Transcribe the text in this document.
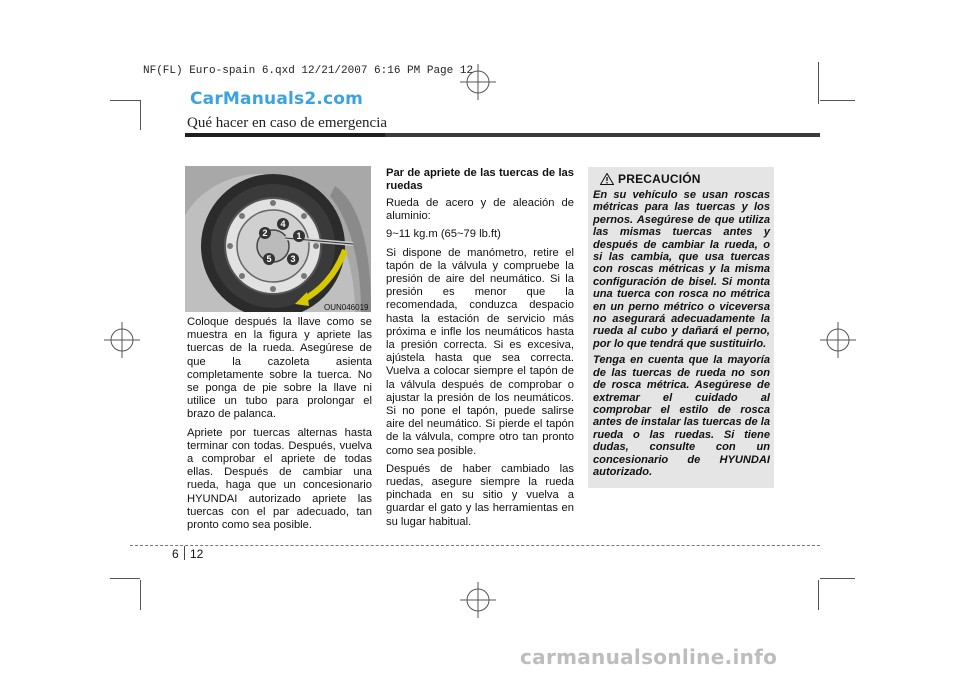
NF(FL) Euro-spain 6.qxd 12/21/2007 6:16 PM Page 12
CarManuals2.com
Qué hacer en caso de emergencia
4
1
3
5
2
OUN046019

Coloque después la llave como se muestra en la figura y apriete las tuercas de la rueda. Asegúrese de que la cazoleta asienta completamente sobre la tuerca. No se ponga de pie sobre la llave ni utilice un tubo para prolongar el brazo de palanca.

Apriete por tuercas alternas hasta terminar con todas. Después, vuelva a comprobar el apriete de todas ellas. Después de cambiar una rueda, haga que un concesionario HYUNDAI autorizado apriete las tuercas con el par adecuado, tan pronto como sea posible.

Par de apriete de las tuercas de las ruedas

Rueda de acero y de aleación de aluminio:

9~11 kg.m (65~79 lb.ft)

Si dispone de manómetro, retire el tapón de la válvula y compruebe la presión de aire del neumático. Si la presión es menor que la recomendada, conduzca despacio hasta la estación de servicio más próxima e infle los neumáticos hasta la presión correcta. Si es excesiva, ajústela hasta que sea correcta. Vuelva a colocar siempre el tapón de la válvula después de comprobar o ajustar la presión de los neumáticos. Si no pone el tapón, puede salirse aire del neumático. Si pierde el tapón de la válvula, compre otro tan pronto como sea posible.

Después de haber cambiado las ruedas, asegure siempre la rueda pinchada en su sitio y vuelva a guardar el gato y las herramientas en su lugar habitual.

PRECAUCIÓN

En su vehículo se usan roscas métricas para las tuercas y los pernos. Asegúrese de que utiliza las mismas tuercas antes y después de cambiar la rueda, o si las cambia, que usa tuercas con roscas métricas y la misma configuración de bisel. Si monta una tuerca con rosca no métrica en un perno métrico o viceversa no asegurará adecuadamente la rueda al cubo y dañará el perno, por lo que tendrá que sustituirlo.

Tenga en cuenta que la mayoría de las tuercas de rueda no son de rosca métrica. Asegúrese de extremar el cuidado al comprobar el estilo de rosca antes de instalar las tuercas de la rueda o las ruedas. Si tiene dudas, consulte con un concesionario de HYUNDAI autorizado.

6 12
carmanualsonline.info
